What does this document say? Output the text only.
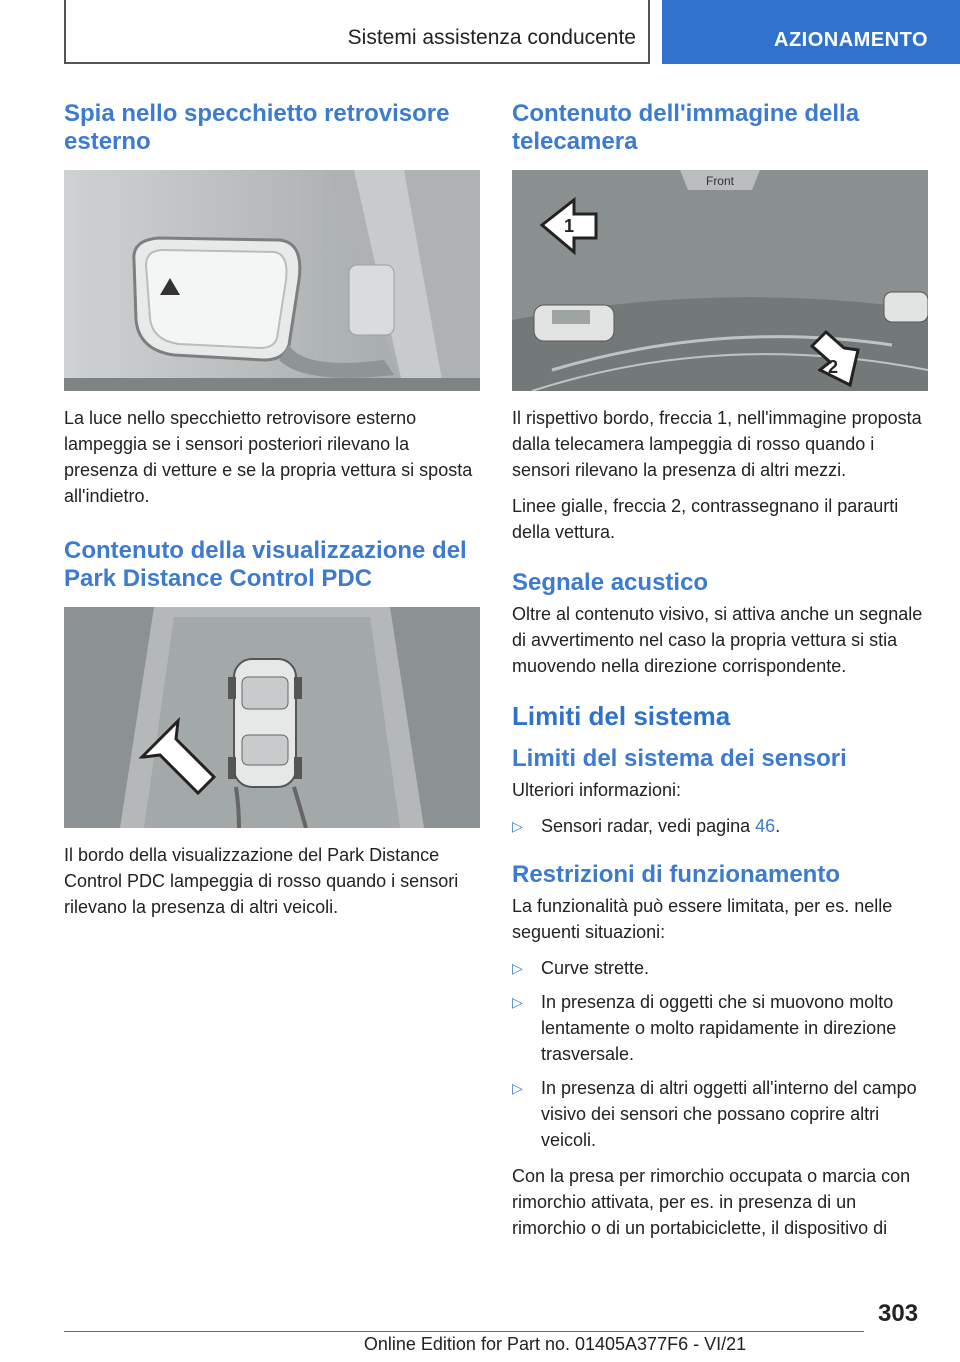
Sistemi assistenza conducente	AZIONAMENTO
Spia nello specchietto retrovisore esterno

La luce nello specchietto retrovisore esterno lampeggia se i sensori posteriori rilevano la presenza di vetture e se la propria vettura si sposta all'indietro.

Contenuto della visualizzazione del Park Distance Control PDC

Il bordo della visualizzazione del Park Distance Control PDC lampeggia di rosso quando i sensori rilevano la presenza di altri veicoli.

Contenuto dell'immagine della telecamera
Front
1
2

Il rispettivo bordo, freccia 1, nell'immagine proposta dalla telecamera lampeggia di rosso quando i sensori rilevano la presenza di altri mezzi.

Linee gialle, freccia 2, contrassegnano il paraurti della vettura.

Segnale acustico

Oltre al contenuto visivo, si attiva anche un segnale di avvertimento nel caso la propria vettura si stia muovendo nella direzione corrispondente.

Limiti del sistema
Limiti del sistema dei sensori

Ulteriori informazioni:

▷ Sensori radar, vedi pagina 46.
Restrizioni di funzionamento

La funzionalità può essere limitata, per es. nelle seguenti situazioni:

▷ Curve strette.
▷ In presenza di oggetti che si muovono molto lentamente o molto rapidamente in direzione trasversale.
▷ In presenza di altri oggetti all'interno del campo visivo dei sensori che possano coprire altri veicoli.

Con la presa per rimorchio occupata o marcia con rimorchio attivata, per es. in presenza di un rimorchio o di un portabiciclette, il dispositivo di

303
Online Edition for Part no. 01405A377F6 - VI/21
